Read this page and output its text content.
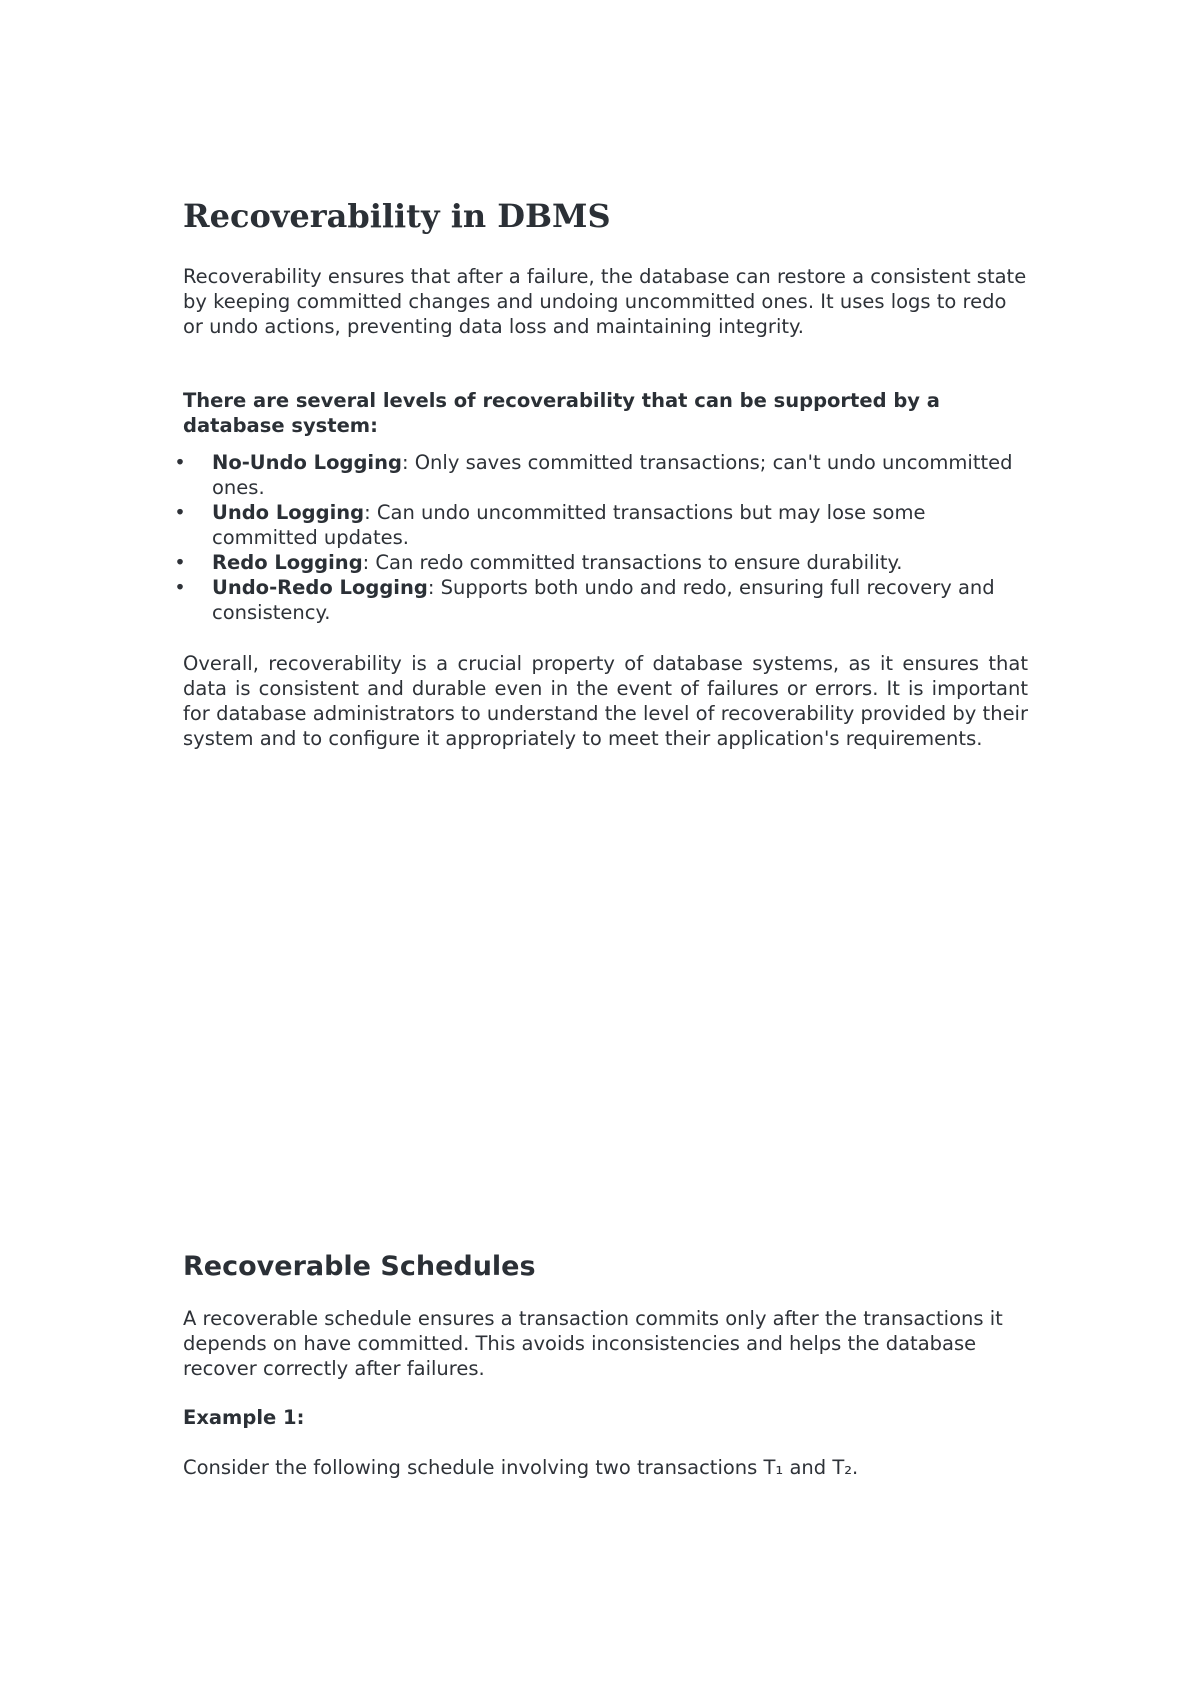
Recoverability in DBMS

Recoverability ensures that after a failure, the database can restore a consistent state by keeping committed changes and undoing uncommitted ones. It uses logs to redo or undo actions, preventing data loss and maintaining integrity.

There are several levels of recoverability that can be supported by a database system:

• No-Undo Logging: Only saves committed transactions; can't undo uncommitted ones.
• Undo Logging: Can undo uncommitted transactions but may lose some committed updates.
• Redo Logging: Can redo committed transactions to ensure durability.
• Undo-Redo Logging: Supports both undo and redo, ensuring full recovery and consistency.

Overall, recoverability is a crucial property of database systems, as it ensures that data is consistent and durable even in the event of failures or errors. It is important for database administrators to understand the level of recoverability provided by their system and to configure it appropriately to meet their application's requirements.

Recoverable Schedules

A recoverable schedule ensures a transaction commits only after the transactions it depends on have committed. This avoids inconsistencies and helps the database recover correctly after failures.

Example 1:

Consider the following schedule involving two transactions T₁ and T₂.
